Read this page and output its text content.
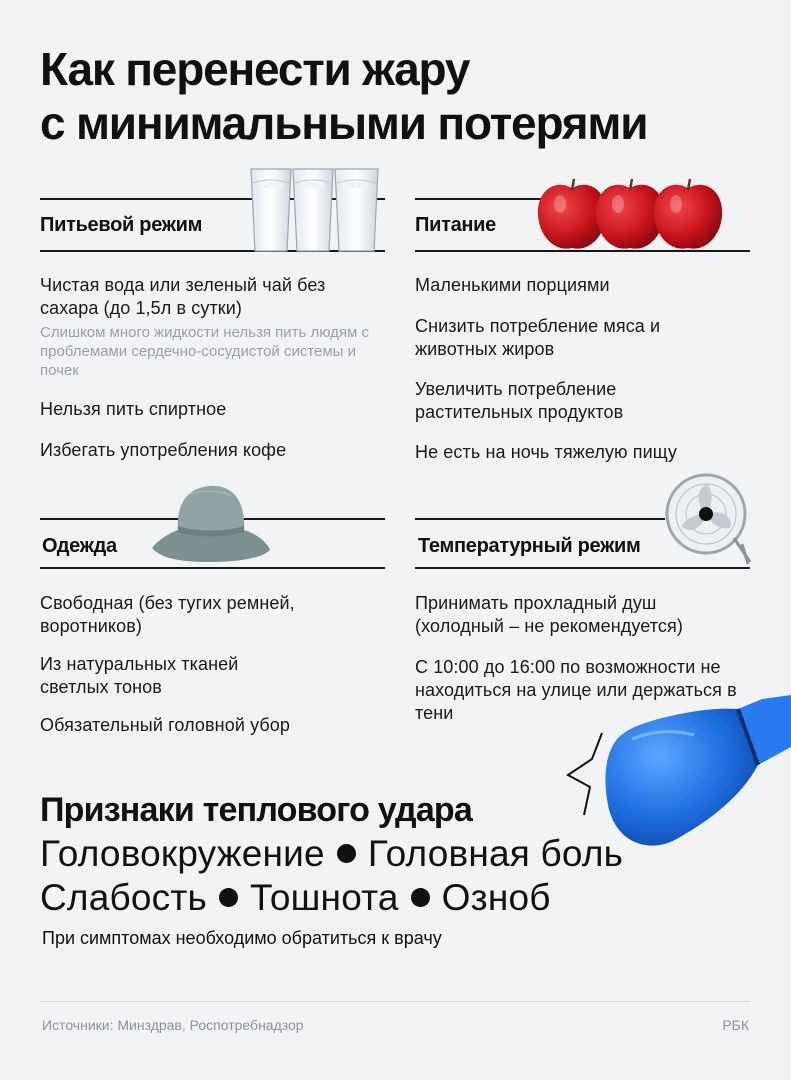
Как перенести жару
с минимальными потерями
Питьевой режим
Чистая вода или зеленый чай без сахара (до 1,5л в сутки)
Слишком много жидкости нельзя пить людям с проблемами сердечно-сосудистой системы и почек
Нельзя пить спиртное
Избегать употребления кофе
Питание
Маленькими порциями
Снизить потребление мяса и животных жиров
Увеличить потребление растительных продуктов
Не есть на ночь тяжелую пищу
Одежда
Свободная (без тугих ремней, воротников)
Из натуральных тканей светлых тонов
Обязательный головной убор
Температурный режим
Принимать прохладный душ (холодный – не рекомендуется)
С 10:00 до 16:00 по возможности не находиться на улице или держаться в тени
Признаки теплового удара
Головокружение Головная боль
Слабость Тошнота Озноб
При симптомах необходимо обратиться к врачу
Источники: Минздрав, Роспотребнадзор	РБК
